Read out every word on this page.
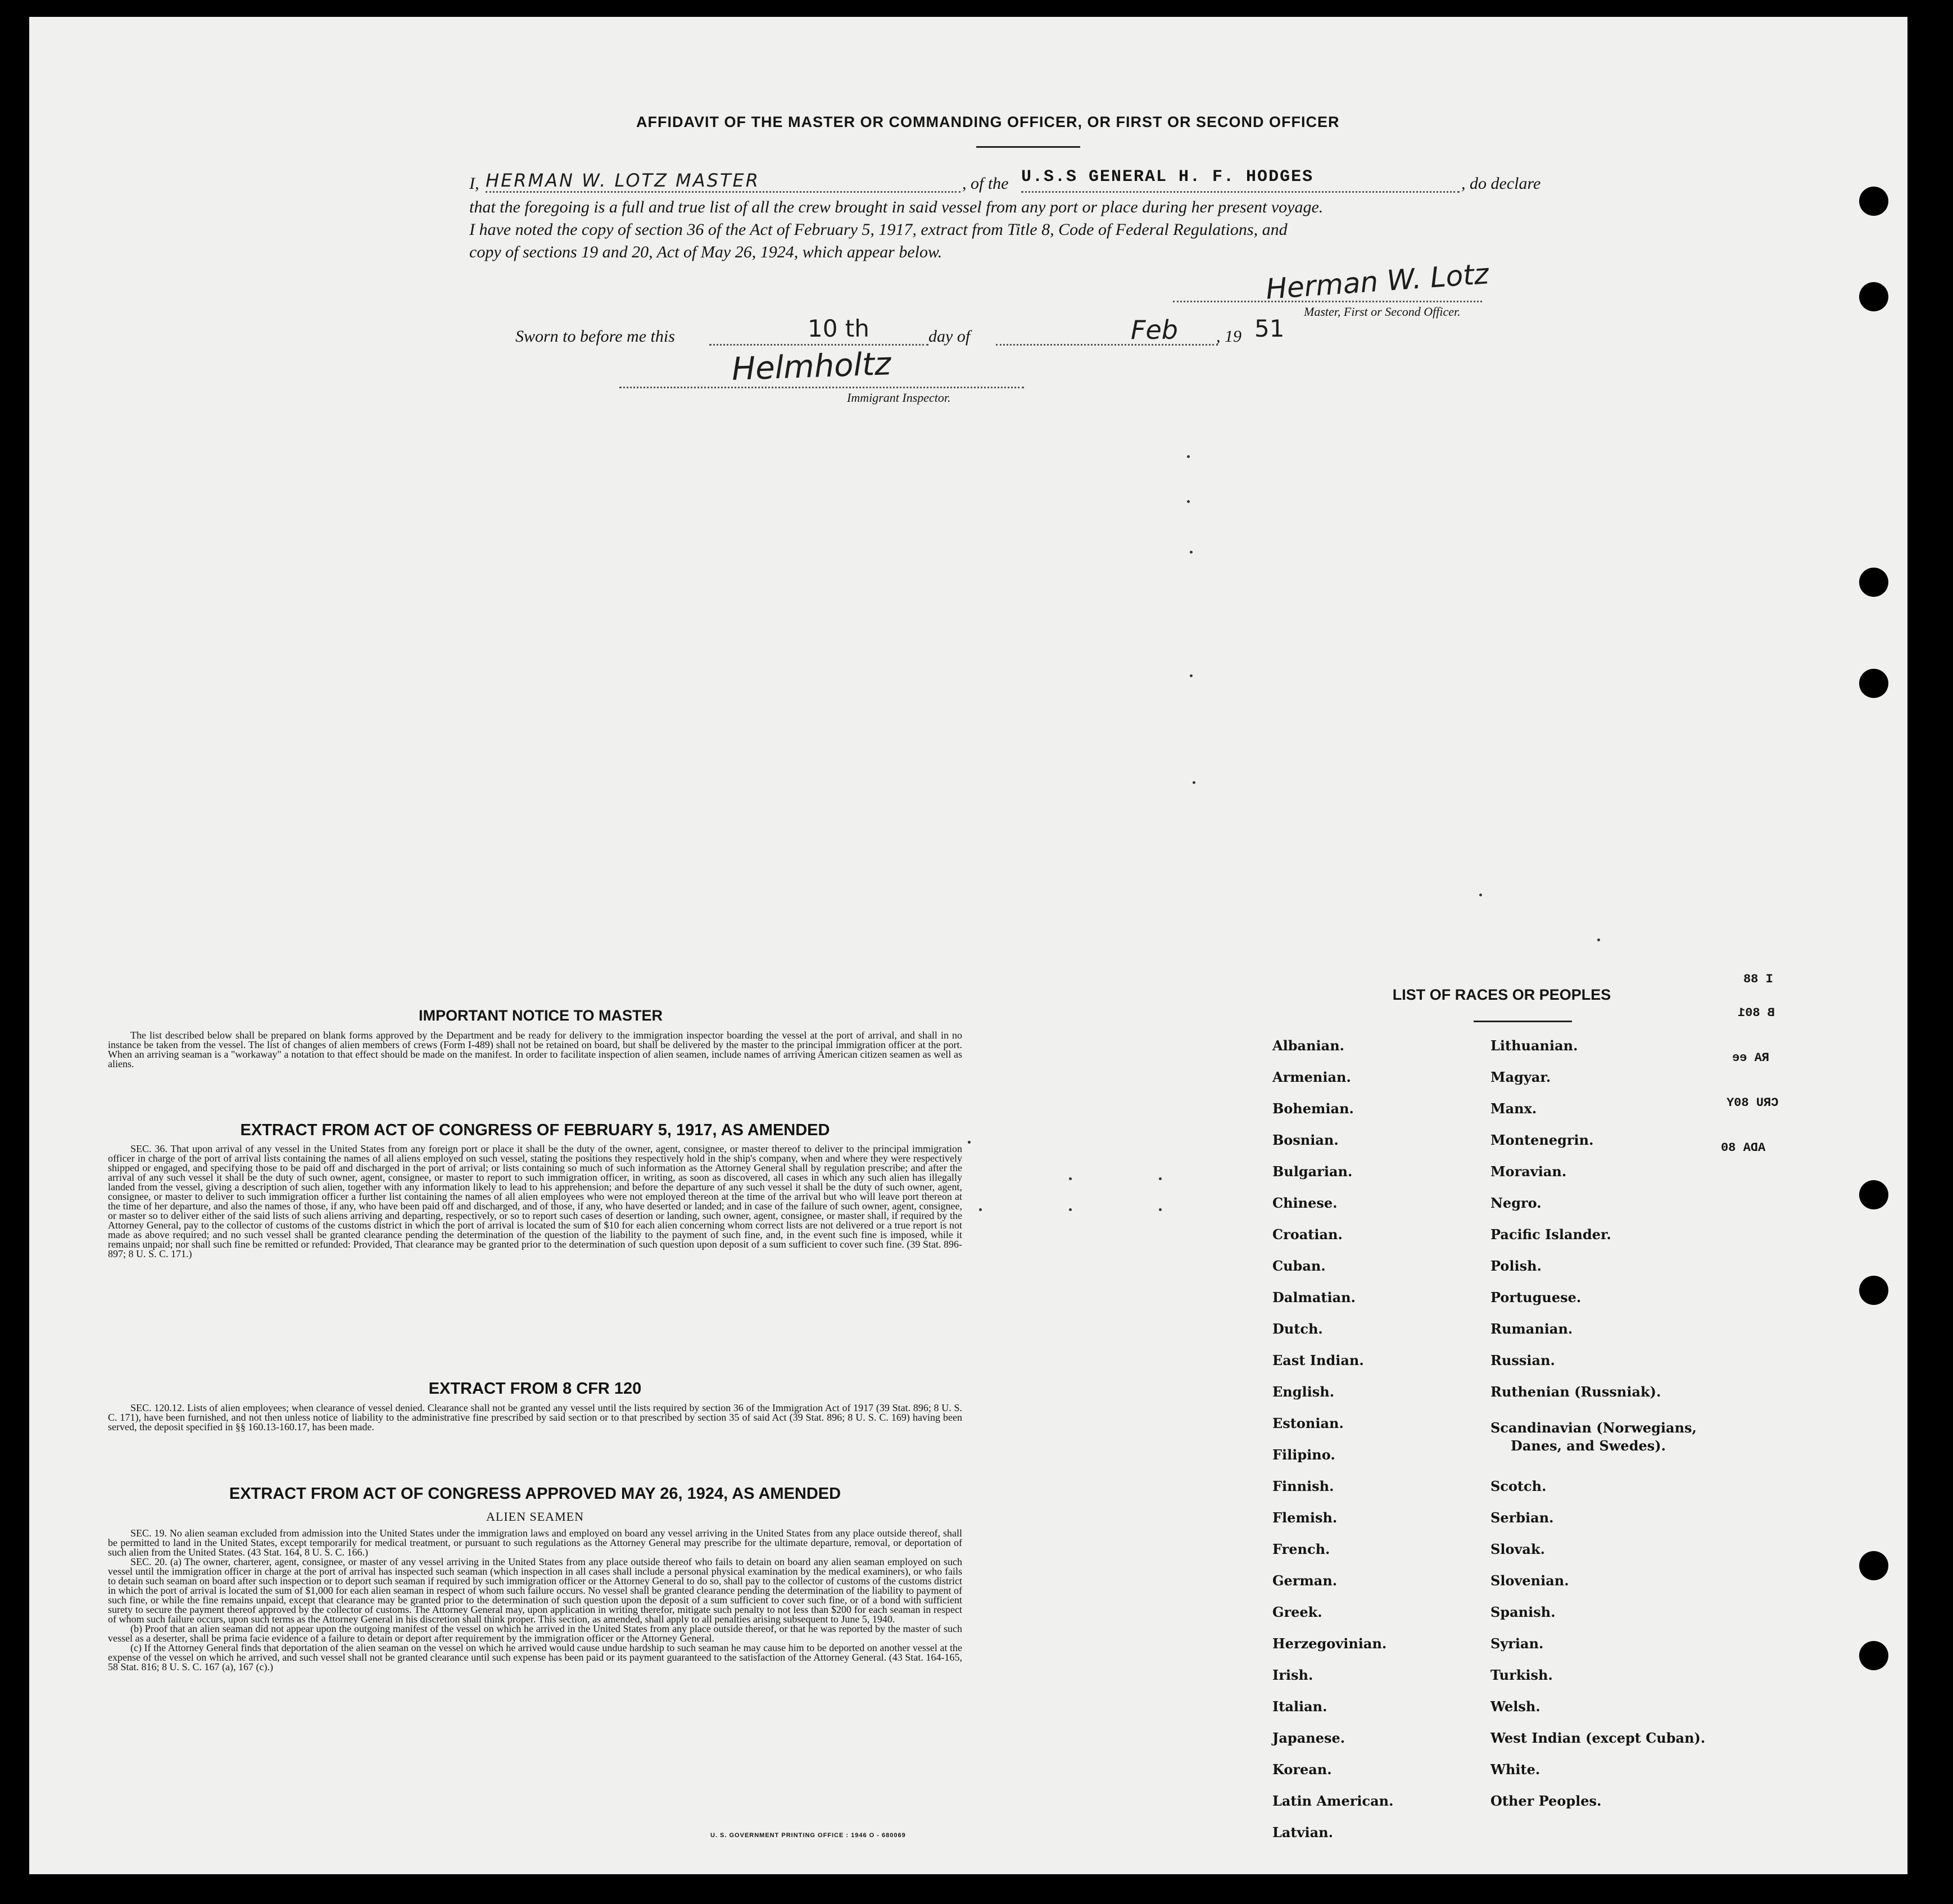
AFFIDAVIT OF THE MASTER OR COMMANDING OFFICER, OR FIRST OR SECOND OFFICER
I, HERMAN W. LOTZ MASTER	, of the U.S.S GENERAL H. F. HODGES	, do declare
that the foregoing is a full and true list of all the crew brought in said vessel from any port or place during her present voyage.
I have noted the copy of section 36 of the Act of February 5, 1917, extract from Title 8, Code of Federal Regulations, and
copy of sections 19 and 20, Act of May 26, 1924, which appear below.
Herman W. Lotz
Master, First or Second Officer.
Sworn to before me this	10 th	day of	Feb , 19 51
Helmholtz
Immigrant Inspector.
IMPORTANT NOTICE TO MASTER

The list described below shall be prepared on blank forms approved by the Department and be ready for delivery to the immigration inspector boarding the vessel at the port of arrival, and shall in no instance be taken from the vessel. The list of changes of alien members of crews (Form I-489) shall not be retained on board, but shall be delivered by the master to the principal immigration officer at the port. When an arriving seaman is a "workaway" a notation to that effect should be made on the manifest. In order to facilitate inspection of alien seamen, include names of arriving American citizen seamen as well as aliens.

EXTRACT FROM ACT OF CONGRESS OF FEBRUARY 5, 1917, AS AMENDED

SEC. 36. That upon arrival of any vessel in the United States from any foreign port or place it shall be the duty of the owner, agent, consignee, or master thereof to deliver to the principal immigration officer in charge of the port of arrival lists containing the names of all aliens employed on such vessel, stating the positions they respectively hold in the ship's company, when and where they were respectively shipped or engaged, and specifying those to be paid off and discharged in the port of arrival; or lists containing so much of such information as the Attorney General shall by regulation prescribe; and after the arrival of any such vessel it shall be the duty of such owner, agent, consignee, or master to report to such immigration officer, in writing, as soon as discovered, all cases in which any such alien has illegally landed from the vessel, giving a description of such alien, together with any information likely to lead to his apprehension; and before the departure of any such vessel it shall be the duty of such owner, agent, consignee, or master to deliver to such immigration officer a further list containing the names of all alien employees who were not employed thereon at the time of the arrival but who will leave port thereon at the time of her departure, and also the names of those, if any, who have been paid off and discharged, and of those, if any, who have deserted or landed; and in case of the failure of such owner, agent, consignee, or master so to deliver either of the said lists of such aliens arriving and departing, respectively, or so to report such cases of desertion or landing, such owner, agent, consignee, or master shall, if required by the Attorney General, pay to the collector of customs of the customs district in which the port of arrival is located the sum of $10 for each alien concerning whom correct lists are not delivered or a true report is not made as above required; and no such vessel shall be granted clearance pending the determination of the question of the liability to the payment of such fine, and, in the event such fine is imposed, while it remains unpaid; nor shall such fine be remitted or refunded: Provided, That clearance may be granted prior to the determination of such question upon deposit of a sum sufficient to cover such fine. (39 Stat. 896-897; 8 U. S. C. 171.)

EXTRACT FROM 8 CFR 120

SEC. 120.12. Lists of alien employees; when clearance of vessel denied. Clearance shall not be granted any vessel until the lists required by section 36 of the Immigration Act of 1917 (39 Stat. 896; 8 U. S. C. 171), have been furnished, and not then unless notice of liability to the administrative fine prescribed by said section or to that prescribed by section 35 of said Act (39 Stat. 896; 8 U. S. C. 169) having been served, the deposit specified in §§ 160.13-160.17, has been made.

EXTRACT FROM ACT OF CONGRESS APPROVED MAY 26, 1924, AS AMENDED
ALIEN SEAMEN

SEC. 19. No alien seaman excluded from admission into the United States under the immigration laws and employed on board any vessel arriving in the United States from any place outside thereof, shall be permitted to land in the United States, except temporarily for medical treatment, or pursuant to such regulations as the Attorney General may prescribe for the ultimate departure, removal, or deportation of such alien from the United States. (43 Stat. 164, 8 U. S. C. 166.)

SEC. 20. (a) The owner, charterer, agent, consignee, or master of any vessel arriving in the United States from any place outside thereof who fails to detain on board any alien seaman employed on such vessel until the immigration officer in charge at the port of arrival has inspected such seaman (which inspection in all cases shall include a personal physical examination by the medical examiners), or who fails to detain such seaman on board after such inspection or to deport such seaman if required by such immigration officer or the Attorney General to do so, shall pay to the collector of customs of the customs district in which the port of arrival is located the sum of $1,000 for each alien seaman in respect of whom such failure occurs. No vessel shall be granted clearance pending the determination of the liability to payment of such fine, or while the fine remains unpaid, except that clearance may be granted prior to the determination of such question upon the deposit of a sum sufficient to cover such fine, or of a bond with sufficient surety to secure the payment thereof approved by the collector of customs. The Attorney General may, upon application in writing therefor, mitigate such penalty to not less than $200 for each seaman in respect of whom such failure occurs, upon such terms as the Attorney General in his discretion shall think proper. This section, as amended, shall apply to all penalties arising subsequent to June 5, 1940.

(b) Proof that an alien seaman did not appear upon the outgoing manifest of the vessel on which he arrived in the United States from any place outside thereof, or that he was reported by the master of such vessel as a deserter, shall be prima facie evidence of a failure to detain or deport after requirement by the immigration officer or the Attorney General.

(c) If the Attorney General finds that deportation of the alien seaman on the vessel on which he arrived would cause undue hardship to such seaman he may cause him to be deported on another vessel at the expense of the vessel on which he arrived, and such vessel shall not be granted clearance until such expense has been paid or its payment guaranteed to the satisfaction of the Attorney General. (43 Stat. 164-165, 58 Stat. 816; 8 U. S. C. 167 (a), 167 (c).)

U. S. GOVERNMENT PRINTING OFFICE : 1946 O - 680069
LIST OF RACES OR PEOPLES
Albanian.
Armenian.
Bohemian.
Bosnian.
Bulgarian.
Chinese.
Croatian.
Cuban.
Dalmatian.
Dutch.
East Indian.
English.
Estonian.
Filipino.
Finnish.
Flemish.
French.
German.
Greek.
Herzegovinian.
Irish.
Italian.
Japanese.
Korean.
Latin American.
Latvian.
Lithuanian.
Magyar.
Manx.
Montenegrin.
Moravian.
Negro.
Pacific Islander.
Polish.
Portuguese.
Rumanian.
Russian.
Ruthenian (Russniak).
Scandinavian (Norwegians,
Danes, and Swedes).
Scotch.
Serbian.
Slovak.
Slovenian.
Spanish.
Syrian.
Turkish.
Welsh.
West Indian (except Cuban).
White.
Other Peoples.
I 88
B 801
RA ee
CRU 80Y
ADA 80
